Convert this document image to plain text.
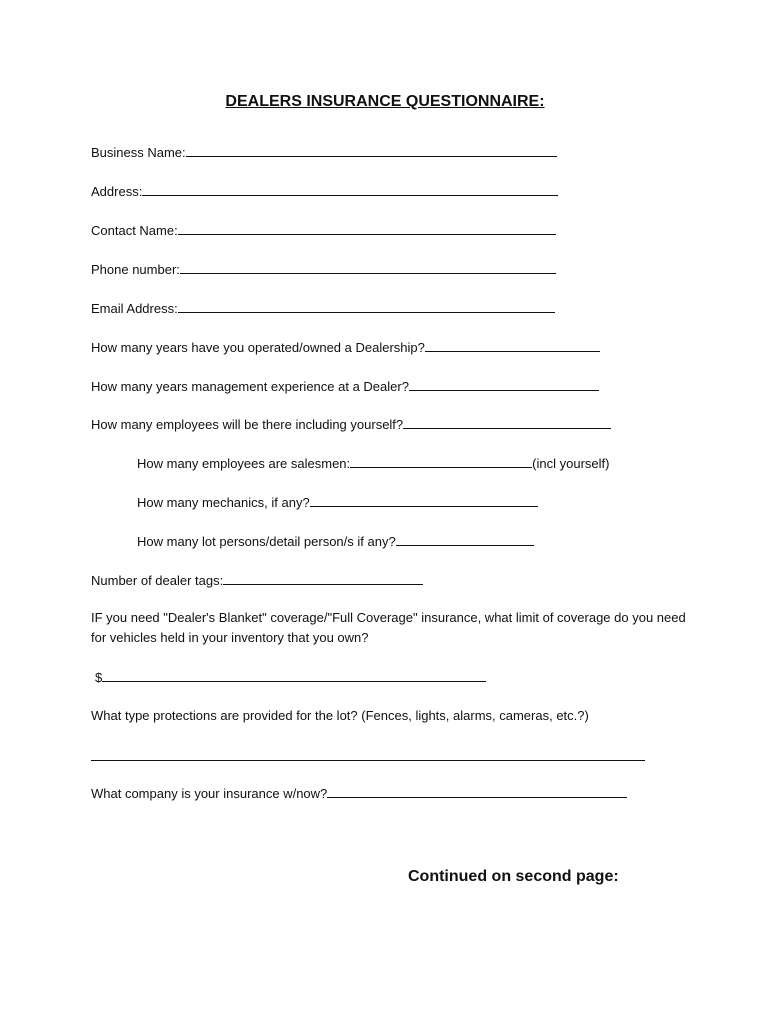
DEALERS INSURANCE QUESTIONNAIRE:
Business Name:
Address:
Contact Name:
Phone number:
Email Address:
How many years have you operated/owned a Dealership?
How many years management experience at a Dealer?
How many employees will be there including yourself?
How many employees are salesmen:	(incl yourself)
How many mechanics, if any?
How many lot persons/detail person/s if any?
Number of dealer tags:
IF you need "Dealer's Blanket" coverage/"Full Coverage" insurance, what limit of coverage do you need for vehicles held in your inventory that you own?
$
What type protections are provided for the lot? (Fences, lights, alarms, cameras, etc.?)
What company is your insurance w/now?
Continued on second page:
